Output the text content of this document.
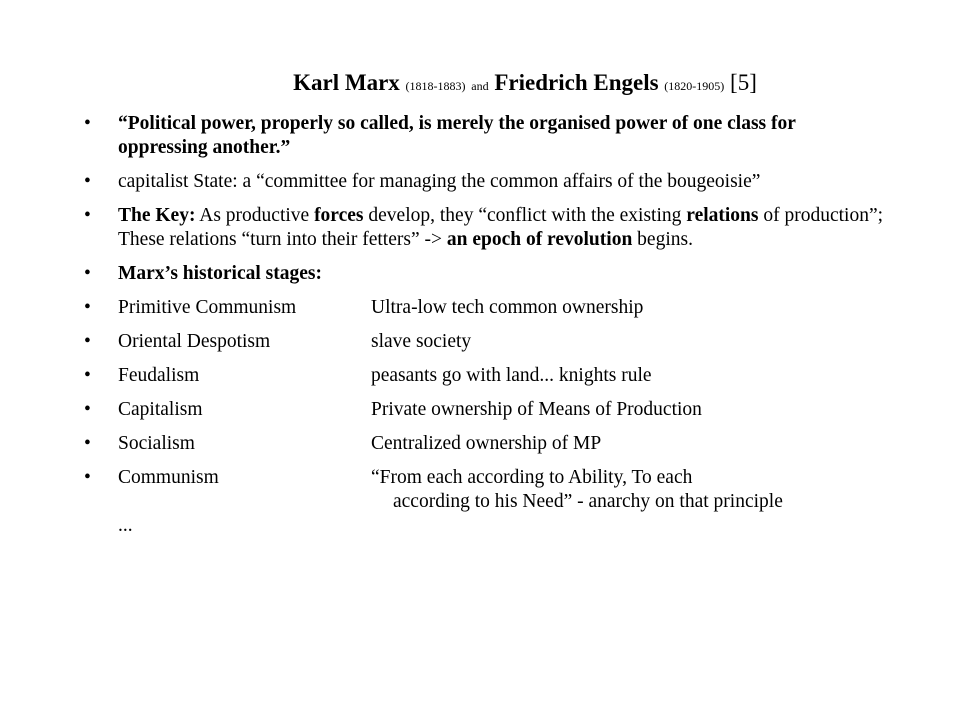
Karl Marx (1818-1883) and Friedrich Engels (1820-1905) [5]
• “Political power, properly so called, is merely the organised power of one class for oppressing another.”
• capitalist State: a “committee for managing the common affairs of the bougeoisie”
• The Key: As productive forces develop, they “conflict with the existing relations of production”; These relations “turn into their fetters” -> an epoch of revolution begins.
• Marx’s historical stages:
• Primitive Communism	Ultra-low tech common ownership
• Oriental Despotism	slave society
• Feudalism	peasants go with land... knights rule
• Capitalism	Private ownership of Means of Production
• Socialism	Centralized ownership of MP
• Communism	“From each according to Ability, To each
according to his Need” - anarchy on that principle
...
